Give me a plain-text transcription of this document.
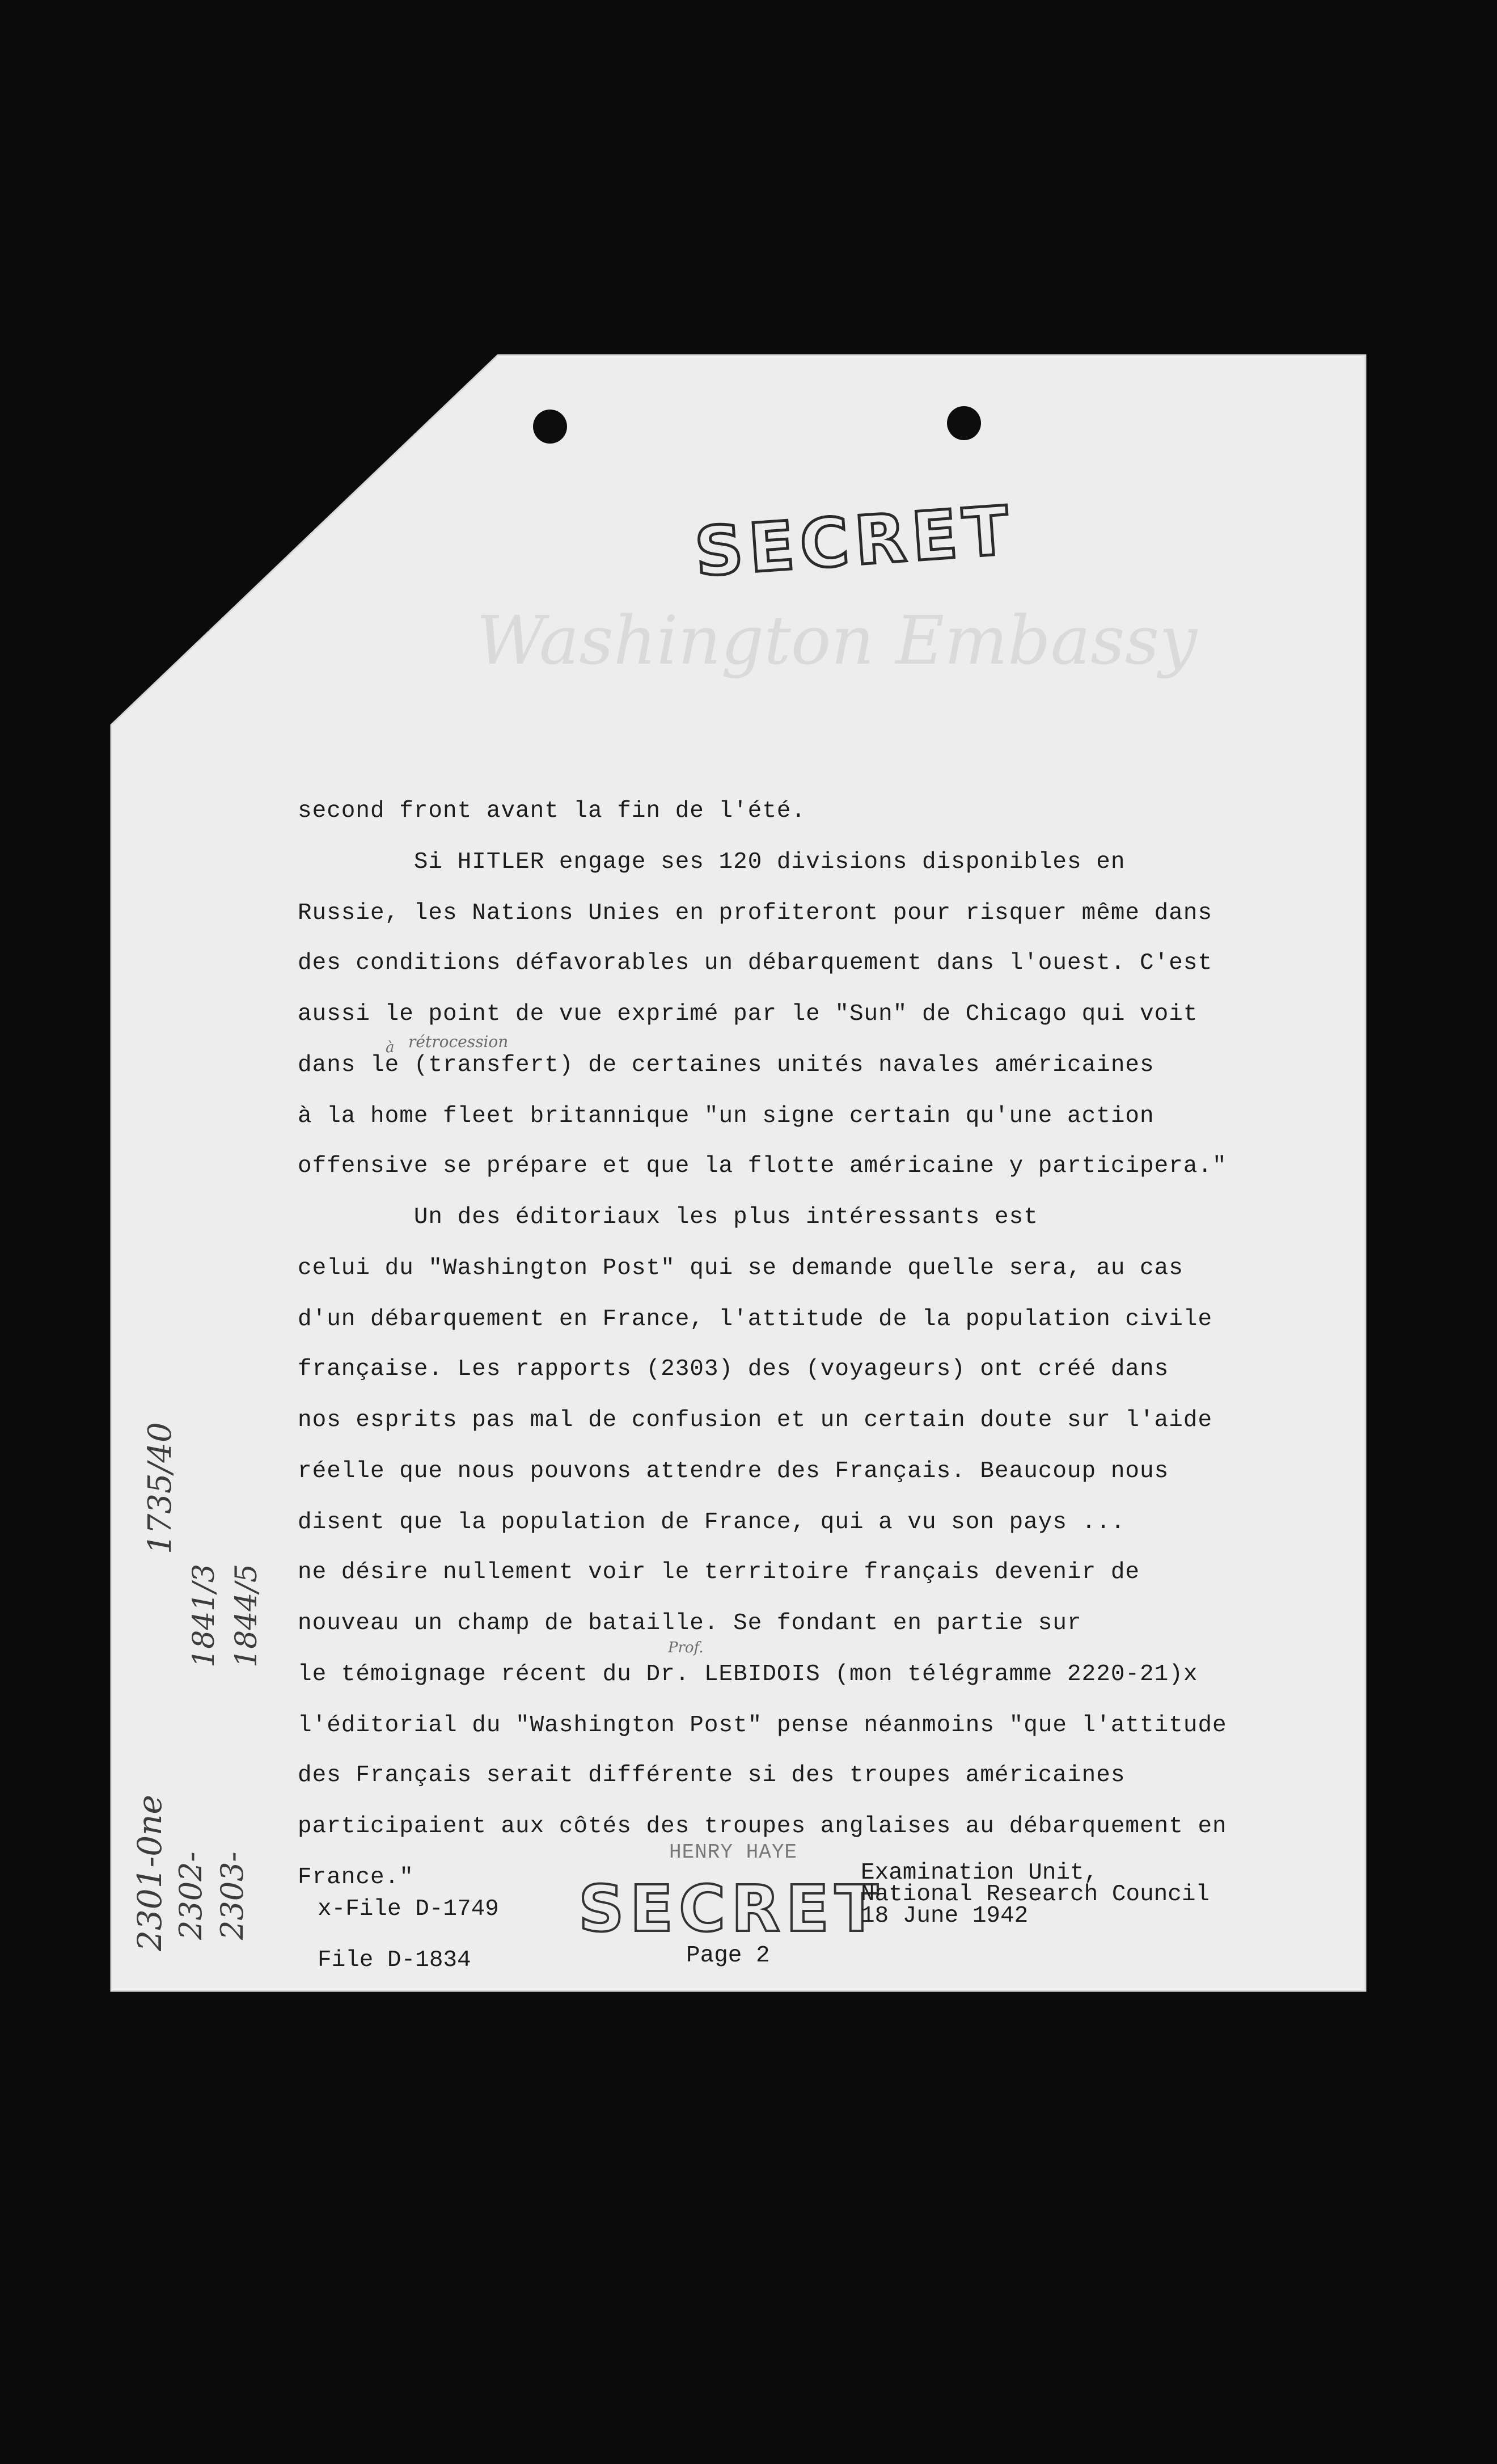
SECRET
Washington Embassy
second front avant la fin de l'été.
Si HITLER engage ses 120 divisions disponibles en
Russie, les Nations Unies en profiteront pour risquer même dans
des conditions défavorables un débarquement dans l'ouest. C'est
aussi le point de vue exprimé par le "Sun" de Chicago qui voit
dans le (transfert) de certaines unités navales américaines
à la home fleet britannique "un signe certain qu'une action
offensive se prépare et que la flotte américaine y participera."
Un des éditoriaux les plus intéressants est
celui du "Washington Post" qui se demande quelle sera, au cas
d'un débarquement en France, l'attitude de la population civile
française. Les rapports (2303) des (voyageurs) ont créé dans
nos esprits pas mal de confusion et un certain doute sur l'aide
réelle que nous pouvons attendre des Français. Beaucoup nous
disent que la population de France, qui a vu son pays ...
ne désire nullement voir le territoire français devenir de
nouveau un champ de bataille. Se fondant en partie sur
le témoignage récent du Dr. LEBIDOIS (mon télégramme 2220-21)x
l'éditorial du "Washington Post" pense néanmoins "que l'attitude
des Français serait différente si des troupes américaines
participaient aux côtés des troupes anglaises au débarquement en
France."
rétrocession
à
Prof.
2301-0ne 2302- 2303-
1735/40
1841/3 1844/5
HENRY HAYE
x-File D-1749
File D-1834
SECRET
Page 2
Examination Unit,
National Research Council
18 June 1942
